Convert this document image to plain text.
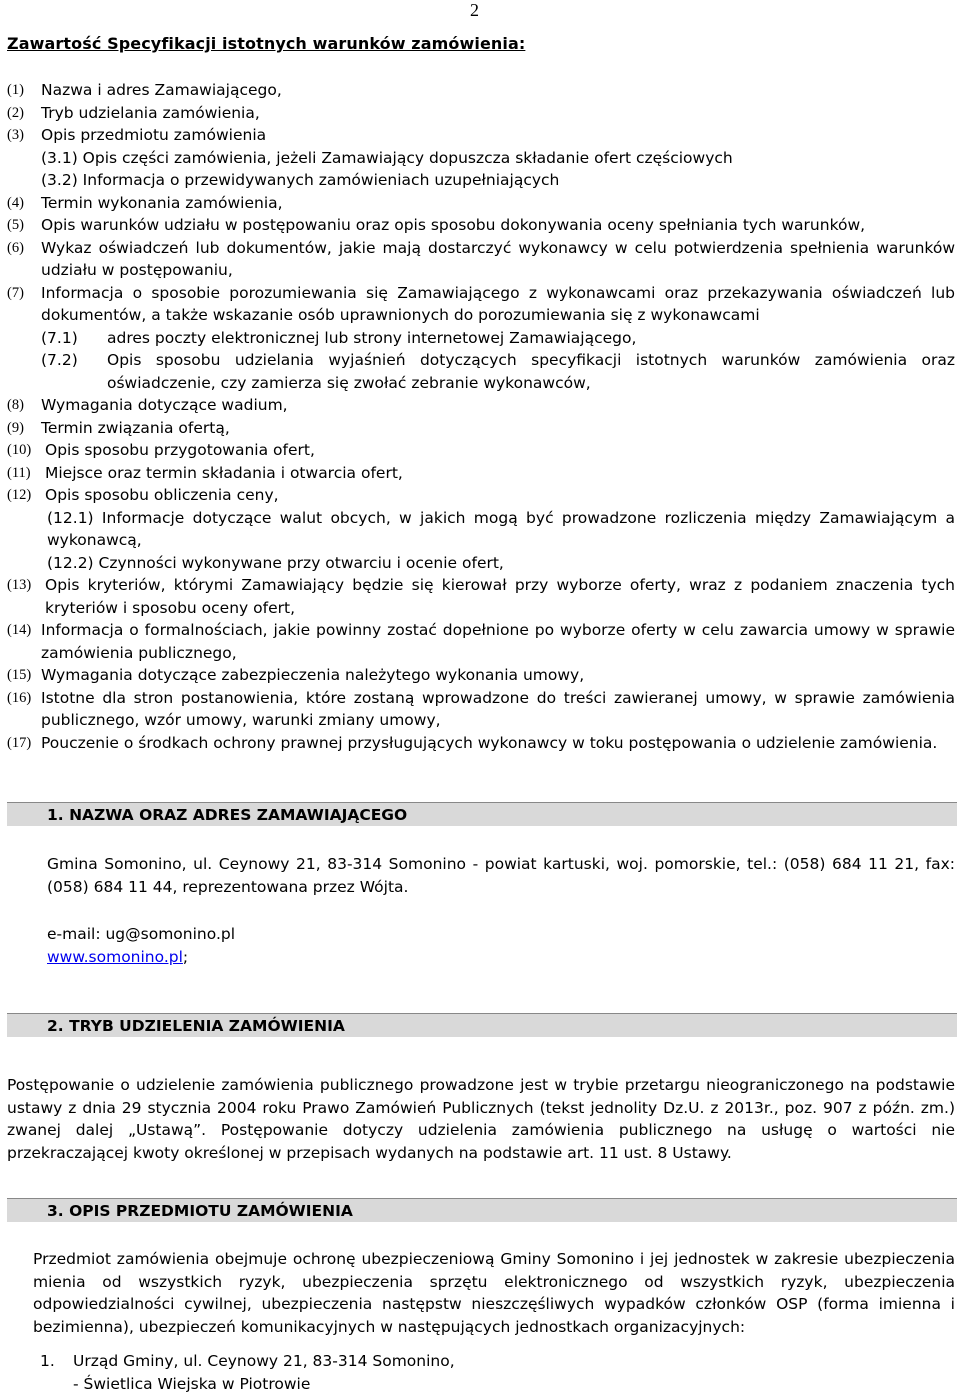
2
Zawartość Specyfikacji istotnych warunków zamówienia:
(1) Nazwa i adres Zamawiającego,
(2) Tryb udzielania zamówienia,
(3) Opis przedmiotu zamówienia
(3.1) Opis części zamówienia, jeżeli Zamawiający dopuszcza składanie ofert częściowych
(3.2) Informacja o przewidywanych zamówieniach uzupełniających
(4) Termin wykonania zamówienia,
(5) Opis warunków udziału w postępowaniu oraz opis sposobu dokonywania oceny spełniania tych warunków,
(6) Wykaz oświadczeń lub dokumentów, jakie mają dostarczyć wykonawcy w celu potwierdzenia spełnienia warunków udziału w postępowaniu,
(7) Informacja o sposobie porozumiewania się Zamawiającego z wykonawcami oraz przekazywania oświadczeń lub dokumentów, a także wskazanie osób uprawnionych do porozumiewania się z wykonawcami
(7.1) adres poczty elektronicznej lub strony internetowej Zamawiającego,
(7.2) Opis sposobu udzielania wyjaśnień dotyczących specyfikacji istotnych warunków zamówienia oraz oświadczenie, czy zamierza się zwołać zebranie wykonawców,
(8) Wymagania dotyczące wadium,
(9) Termin związania ofertą,
(10) Opis sposobu przygotowania ofert,
(11) Miejsce oraz termin składania i otwarcia ofert,
(12) Opis sposobu obliczenia ceny,
(12.1) Informacje dotyczące walut obcych, w jakich mogą być prowadzone rozliczenia między Zamawiającym a wykonawcą,
(12.2) Czynności wykonywane przy otwarciu i ocenie ofert,
(13) Opis kryteriów, którymi Zamawiający będzie się kierował przy wyborze oferty, wraz z podaniem znaczenia tych kryteriów i sposobu oceny ofert,
(14) Informacja o formalnościach, jakie powinny zostać dopełnione po wyborze oferty w celu zawarcia umowy w sprawie zamówienia publicznego,
(15) Wymagania dotyczące zabezpieczenia należytego wykonania umowy,
(16) Istotne dla stron postanowienia, które zostaną wprowadzone do treści zawieranej umowy, w sprawie zamówienia publicznego, wzór umowy, warunki zmiany umowy,
(17) Pouczenie o środkach ochrony prawnej przysługujących wykonawcy w toku postępowania o udzielenie zamówienia.
1. NAZWA ORAZ ADRES ZAMAWIAJĄCEGO
Gmina Somonino, ul. Ceynowy 21, 83-314 Somonino - powiat kartuski, woj. pomorskie, tel.: (058) 684 11 21, fax: (058) 684 11 44, reprezentowana przez Wójta.
e-mail: ug@somonino.pl
www.somonino.pl;
2. TRYB UDZIELENIA ZAMÓWIENIA
Postępowanie o udzielenie zamówienia publicznego prowadzone jest w trybie przetargu nieograniczonego na podstawie ustawy z dnia 29 stycznia 2004 roku Prawo Zamówień Publicznych (tekst jednolity Dz.U. z 2013r., poz. 907 z późn. zm.) zwanej dalej „Ustawą”. Postępowanie dotyczy udzielenia zamówienia publicznego na usługę o wartości nie przekraczającej kwoty określonej w przepisach wydanych na podstawie art. 11 ust. 8 Ustawy.
3. OPIS PRZEDMIOTU ZAMÓWIENIA
Przedmiot zamówienia obejmuje ochronę ubezpieczeniową Gminy Somonino i jej jednostek w zakresie ubezpieczenia mienia od wszystkich ryzyk, ubezpieczenia sprzętu elektronicznego od wszystkich ryzyk, ubezpieczenia odpowiedzialności cywilnej, ubezpieczenia następstw nieszczęśliwych wypadków członków OSP (forma imienna i bezimienna), ubezpieczeń komunikacyjnych w następujących jednostkach organizacyjnych:
1.	Urząd Gminy, ul. Ceynowy 21, 83-314 Somonino,
- Świetlica Wiejska w Piotrowie
